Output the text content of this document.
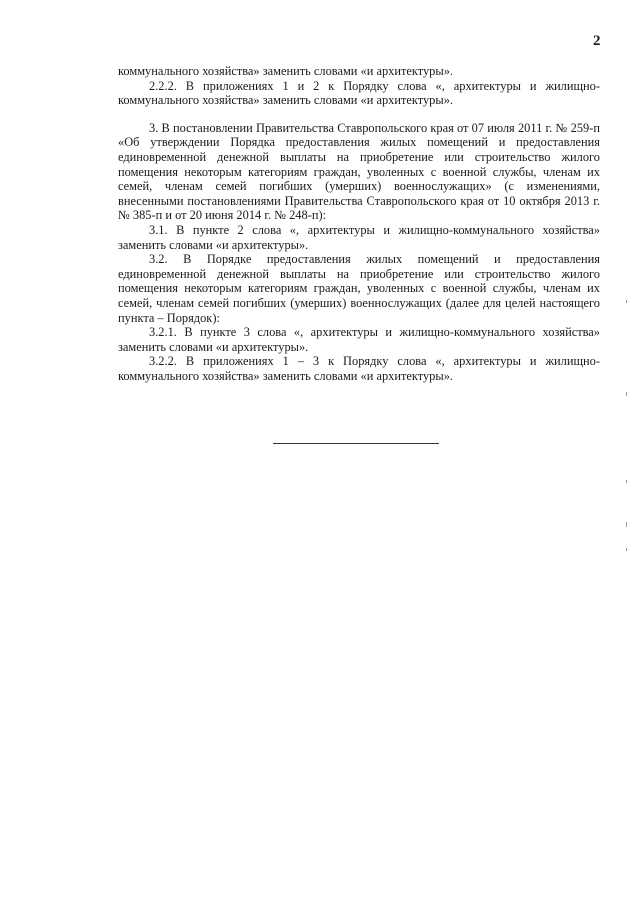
2

коммунального хозяйства» заменить словами «и архитектуры».

2.2.2. В приложениях 1 и 2 к Порядку слова «, архитектуры и жилищно-коммунального хозяйства» заменить словами «и архитектуры».

3. В постановлении Правительства Ставропольского края от 07 июля 2011 г. № 259-п «Об утверждении Порядка предоставления жилых помещений и предоставления единовременной денежной выплаты на приобретение или строительство жилого помещения некоторым категориям граждан, уволенных с военной службы, членам их семей, членам семей погибших (умерших) военнослужащих» (с изменениями, внесенными постановлениями Правительства Ставропольского края от 10 октября 2013 г. № 385-п и от 20 июня 2014 г. № 248-п):

3.1. В пункте 2 слова «, архитектуры и жилищно-коммунального хозяйства» заменить словами «и архитектуры».

3.2. В Порядке предоставления жилых помещений и предоставления единовременной денежной выплаты на приобретение или строительство жилого помещения некоторым категориям граждан, уволенных с военной службы, членам их семей, членам семей погибших (умерших) военнослужащих (далее для целей настоящего пункта – Порядок):

3.2.1. В пункте 3 слова «, архитектуры и жилищно-коммунального хозяйства» заменить словами «и архитектуры».

3.2.2. В приложениях 1 – 3 к Порядку слова «, архитектуры и жилищно-коммунального хозяйства» заменить словами «и архитектуры».
